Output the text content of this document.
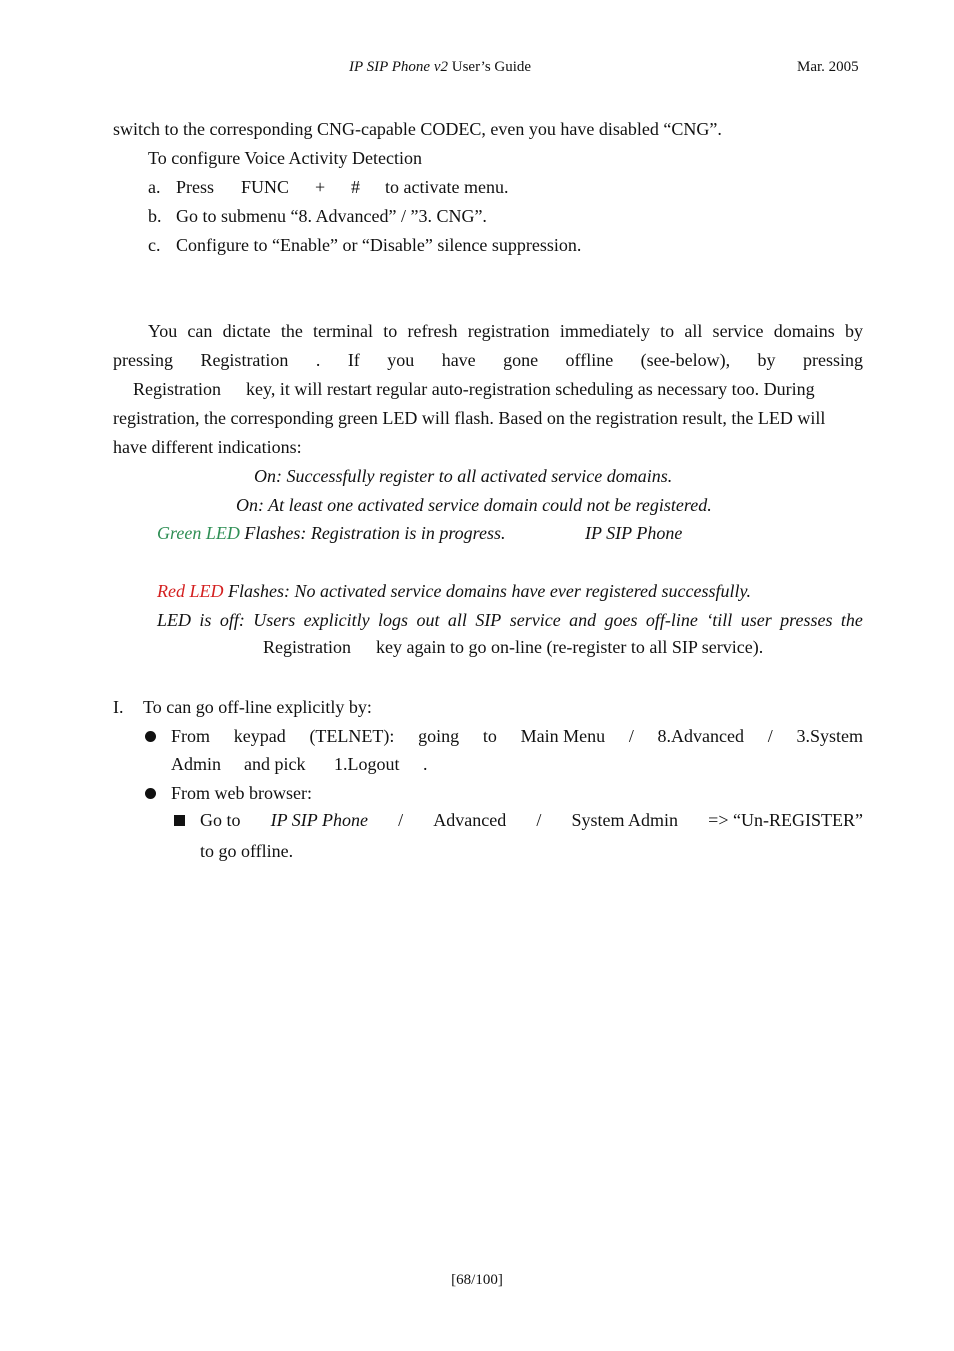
IP SIP Phone v2 User’s Guide	Mar. 2005
switch to the corresponding CNG-capable CODEC, even you have disabled “CNG”.
To configure Voice Activity Detection
a. Press FUNC + # to activate menu.
b. Go to submenu “8. Advanced” / ”3. CNG”.
c. Configure to “Enable” or “Disable” silence suppression.
You can dictate the terminal to refresh registration immediately to all service domains by
pressing Registration . If you have gone offline (see-below), by pressing
Registration key, it will restart regular auto-registration scheduling as necessary too. During
registration, the corresponding green LED will flash. Based on the registration result, the LED will
have different indications:
On: Successfully register to all activated service domains.
On: At least one activated service domain could not be registered.
Green LED Flashes: Registration is in progress.	IP SIP Phone
Red LED Flashes: No activated service domains have ever registered successfully.
LED is off: Users explicitly logs out all SIP service and goes off-line ‘till user presses the
Registration key again to go on-line (re-register to all SIP service).
I. To can go off-line explicitly by:
From keypad (TELNET): going to Main Menu / 8.Advanced / 3.System
Admin and pick 1.Logout .
From web browser:
Go to IP SIP Phone / Advanced / System Admin => “Un-REGISTER”
to go offline.
[68/100]
